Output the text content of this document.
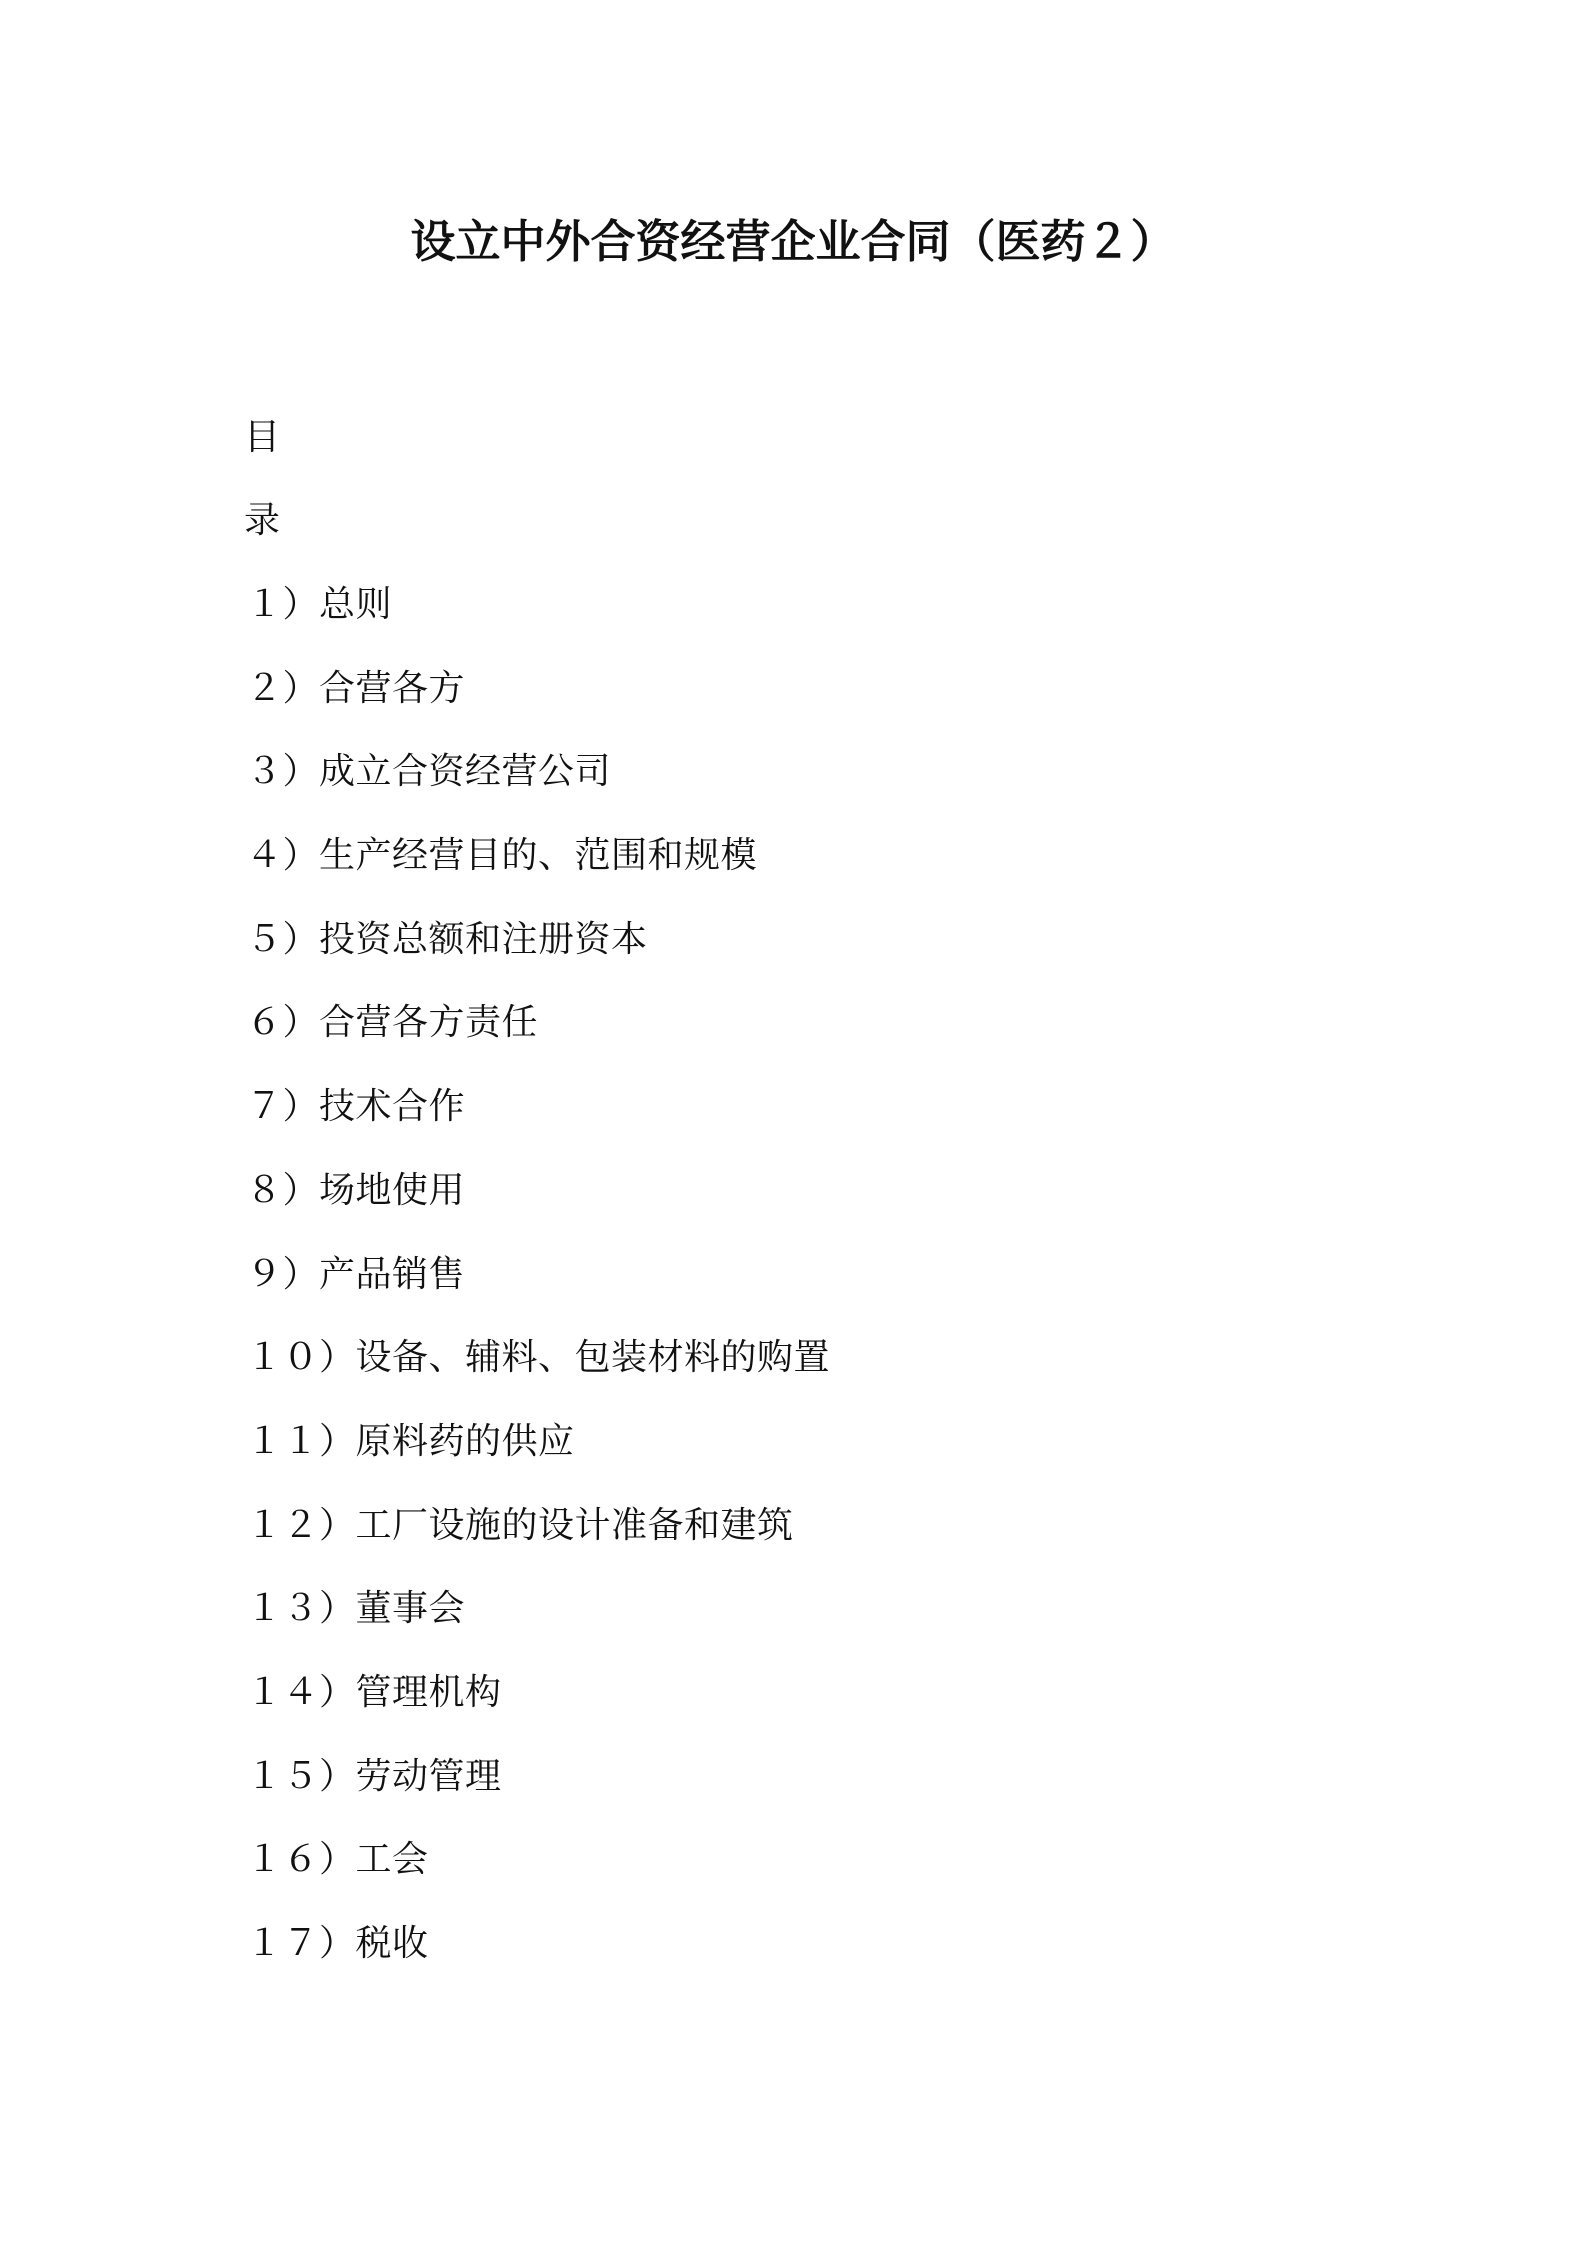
设立中外合资经营企业合同（医药２）
目
录
１）总则
２）合营各方
３）成立合资经营公司
４）生产经营目的、范围和规模
５）投资总额和注册资本
６）合营各方责任
７）技术合作
８）场地使用
９）产品销售
１０）设备、辅料、包装材料的购置
１１）原料药的供应
１２）工厂设施的设计准备和建筑
１３）董事会
１４）管理机构
１５）劳动管理
１６）工会
１７）税收
